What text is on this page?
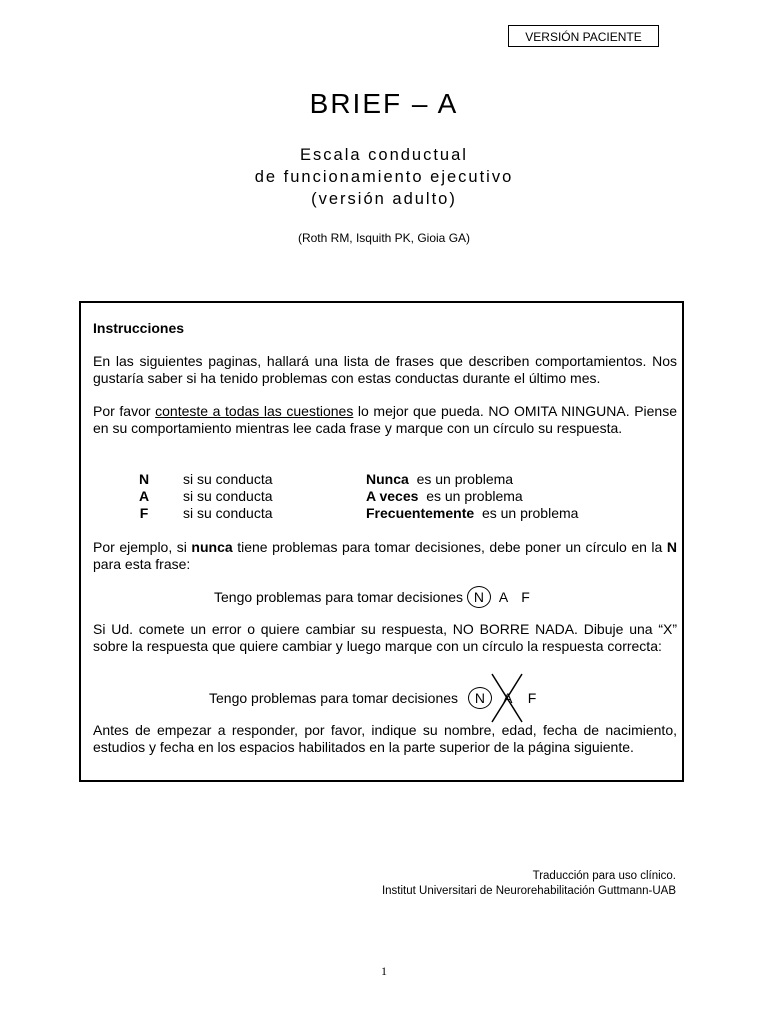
VERSIÓN PACIENTE
BRIEF – A
Escala conductual
de funcionamiento ejecutivo
(versión adulto)
(Roth RM, Isquith PK, Gioia GA)

Instrucciones

En las siguientes paginas, hallará una lista de frases que describen comportamientos. Nos gustaría saber si ha tenido problemas con estas conductas durante el último mes.

Por favor conteste a todas las cuestiones lo mejor que pueda. NO OMITA NINGUNA. Piense en su comportamiento mientras lee cada frase y marque con un círculo su respuesta.

N si su conducta	Nunca es un problema
A si su conducta	A veces es un problema
F si su conducta	Frecuentemente es un problema

Por ejemplo, si nunca tiene problemas para tomar decisiones, debe poner un círculo en la N para esta frase:

Tengo problemas para tomar decisiones N A F

Si Ud. comete un error o quiere cambiar su respuesta, NO BORRE NADA. Dibuje una “X” sobre la respuesta que quiere cambiar y luego marque con un círculo la respuesta correcta:

Tengo problemas para tomar decisiones N A F

Antes de empezar a responder, por favor, indique su nombre, edad, fecha de nacimiento, estudios y fecha en los espacios habilitados en la parte superior de la página siguiente.

Traducción para uso clínico.
Institut Universitari de Neurorehabilitación Guttmann-UAB
1
